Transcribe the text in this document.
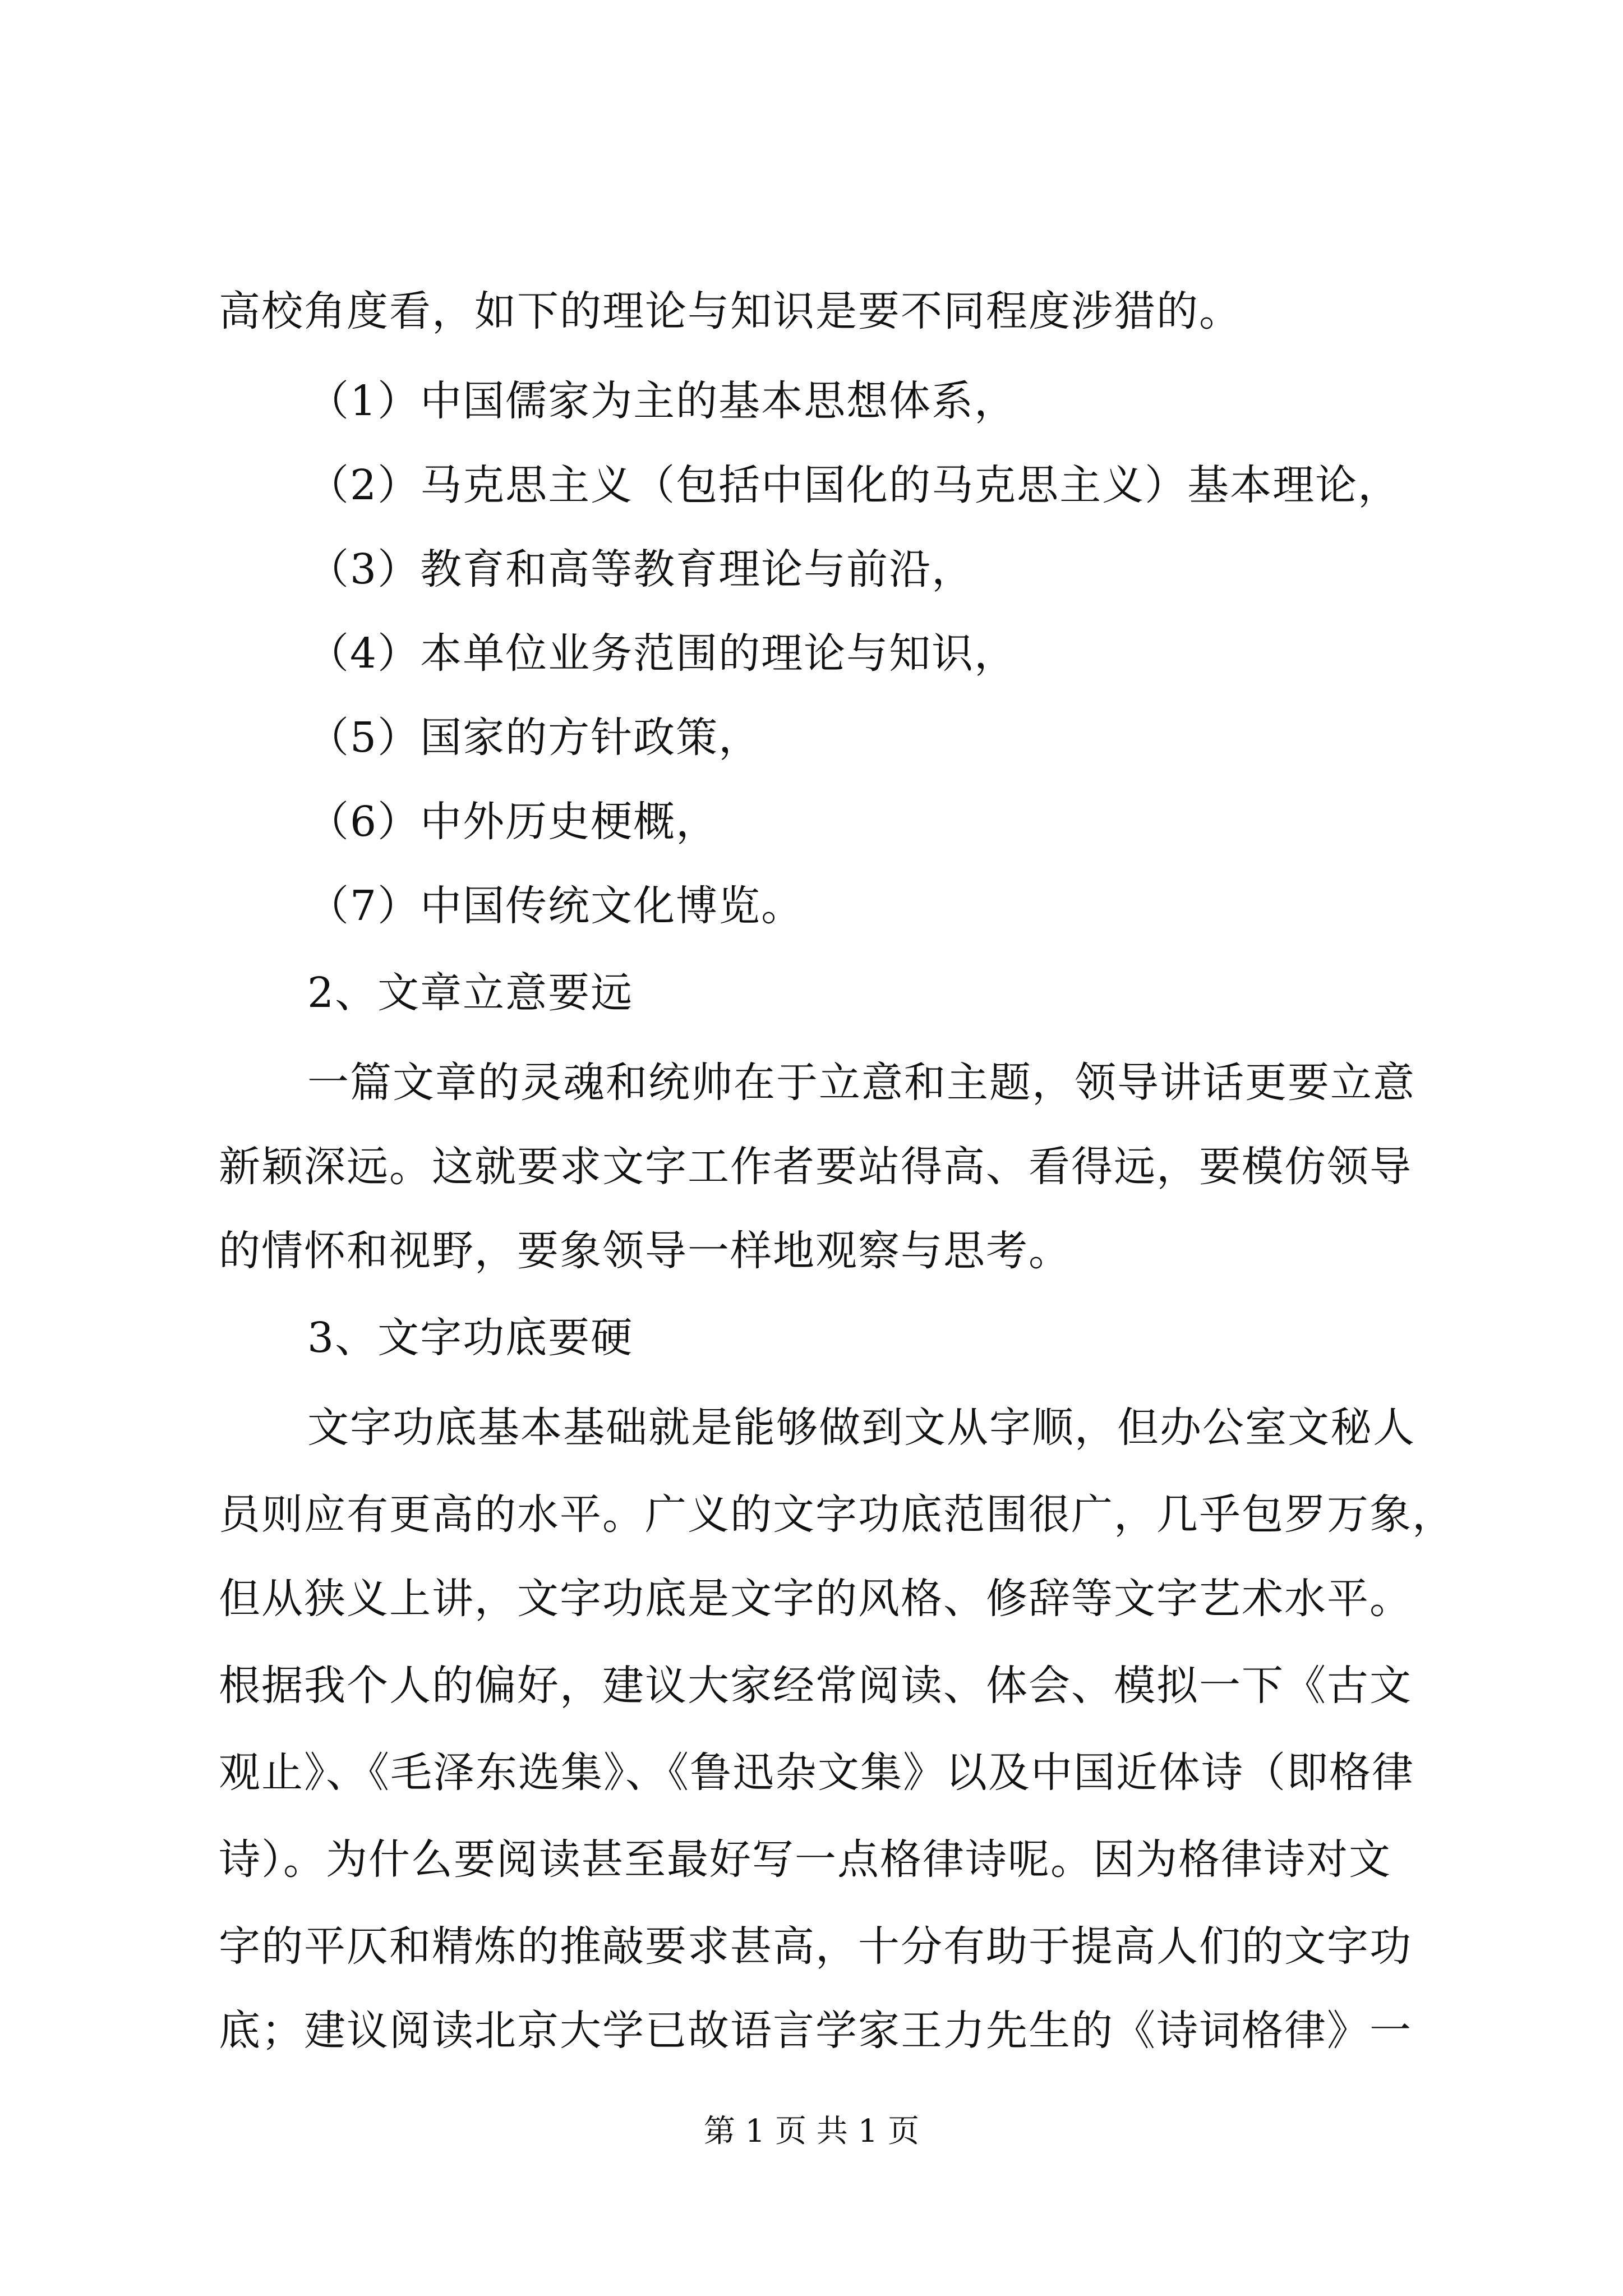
高校角度看，如下的理论与知识是要不同程度涉猎的。
（1）中国儒家为主的基本思想体系，
（2）马克思主义（包括中国化的马克思主义）基本理论，
（3）教育和高等教育理论与前沿，
（4）本单位业务范围的理论与知识，
（5）国家的方针政策，
（6）中外历史梗概，
（7）中国传统文化博览。
2、文章立意要远
一篇文章的灵魂和统帅在于立意和主题，领导讲话更要立意
新颖深远。这就要求文字工作者要站得高、看得远，要模仿领导
的情怀和视野，要象领导一样地观察与思考。
3、文字功底要硬
文字功底基本基础就是能够做到文从字顺，但办公室文秘人
员则应有更高的水平。广义的文字功底范围很广，几乎包罗万象，
但从狭义上讲，文字功底是文字的风格、修辞等文字艺术水平。
根据我个人的偏好，建议大家经常阅读、体会、模拟一下《古文
观止》、《毛泽东选集》、《鲁迅杂文集》以及中国近体诗（即格律
诗）。为什么要阅读甚至最好写一点格律诗呢。因为格律诗对文
字的平仄和精炼的推敲要求甚高，十分有助于提高人们的文字功
底；建议阅读北京大学已故语言学家王力先生的《诗词格律》一
第 1 页 共 1 页
